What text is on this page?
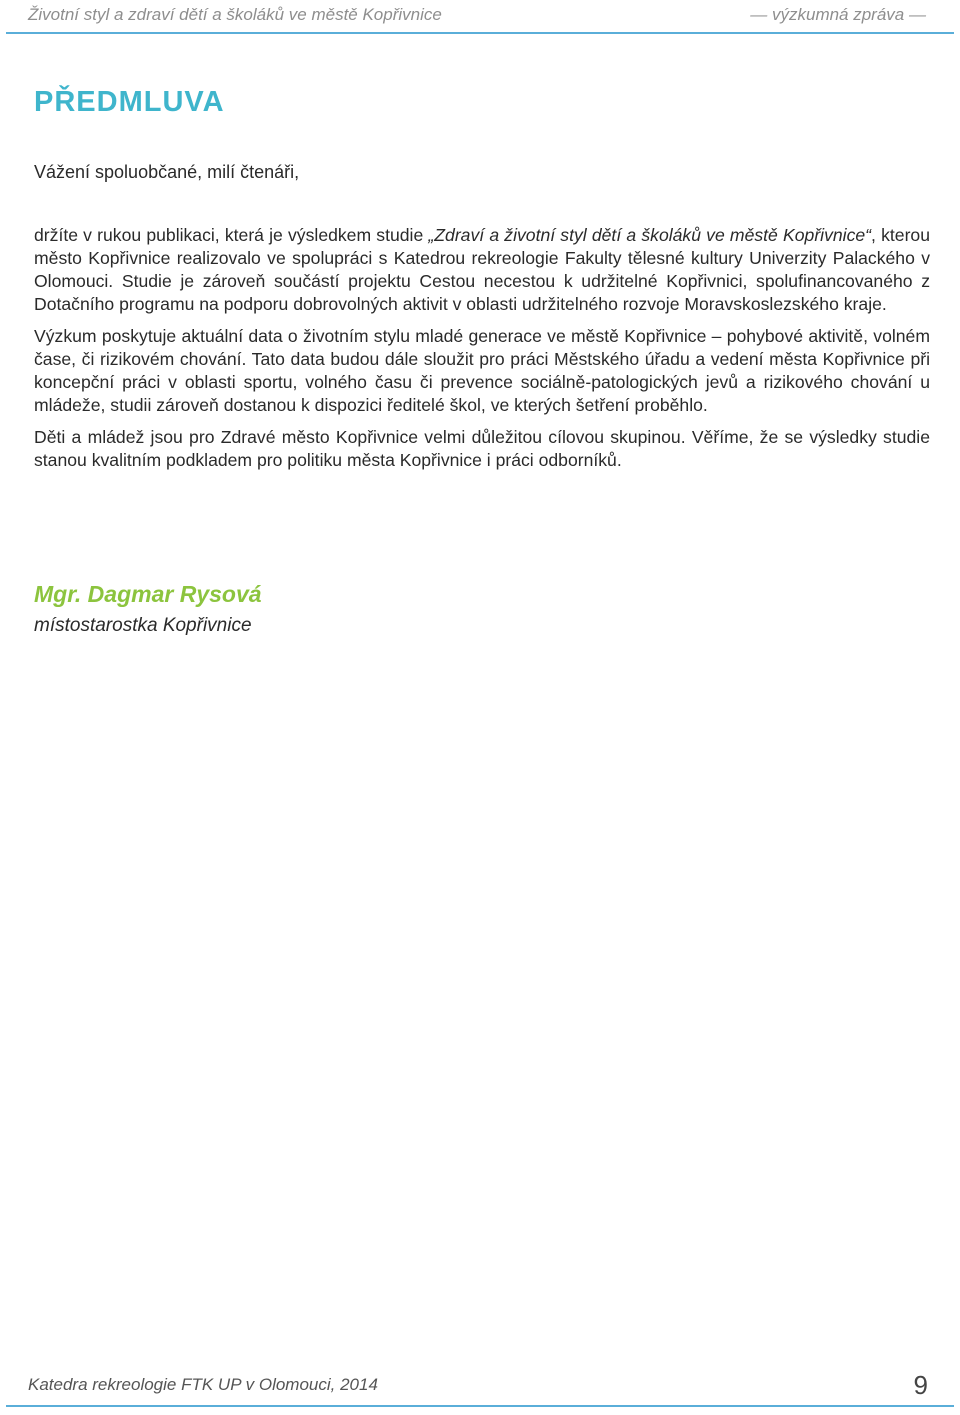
Životní styl a zdraví dětí a školáků ve městě Kopřivnice	— výzkumná zpráva —
PŘEDMLUVA
Vážení spoluobčané, milí čtenáři,

držíte v rukou publikaci, která je výsledkem studie „Zdraví a životní styl dětí a školáků ve městě Kopřivnice“, kterou město Kopřivnice realizovalo ve spolupráci s Katedrou rekreologie Fakulty tělesné kultury Univerzity Palackého v Olomouci. Studie je zároveň součástí projektu Cestou necestou k udržitelné Kopřivnici, spolufinancovaného z Dotačního programu na podporu dobrovolných aktivit v oblasti udržitelného rozvoje Moravskoslezského kraje.

Výzkum poskytuje aktuální data o životním stylu mladé generace ve městě Kopřivnice – pohybové aktivitě, volném čase, či rizikovém chování. Tato data budou dále sloužit pro práci Městského úřadu a vedení města Kopřivnice při koncepční práci v oblasti sportu, volného času či prevence sociálně-patologických jevů a rizikového chování u mládeže, studii zároveň dostanou k dispozici ředitelé škol, ve kterých šetření proběhlo.

Děti a mládež jsou pro Zdravé město Kopřivnice velmi důležitou cílovou skupinou. Věříme, že se výsledky studie stanou kvalitním podkladem pro politiku města Kopřivnice i práci odborníků.

Mgr. Dagmar Rysová
místostarostka Kopřivnice
Katedra rekreologie FTK UP v Olomouci, 2014	9
